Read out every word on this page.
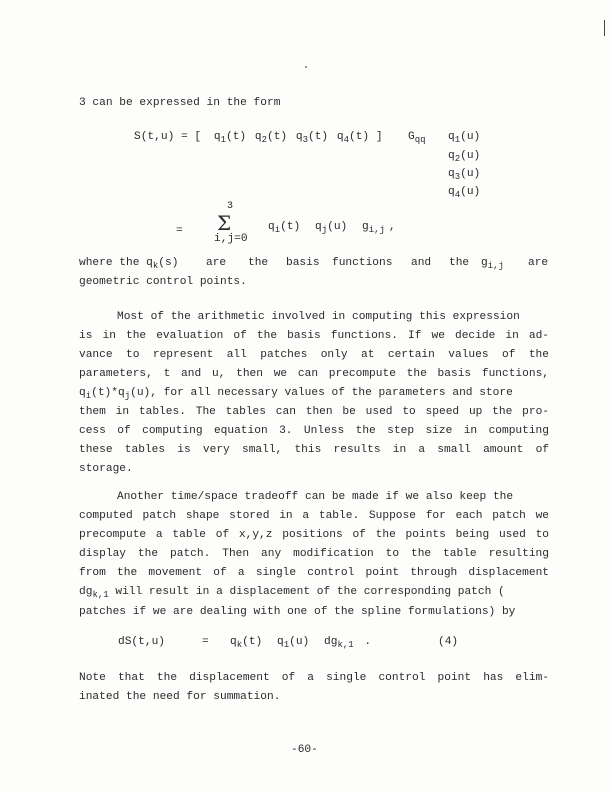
3 can be expressed in the form
S(t,u) = [ $q_1(t)$ $q_2(t)$ $q_3(t)$ $q_4(t)$ ] $G_{qq}$ $q_1(u)$
$q_2(u)$
$q_3(u)$
$q_4(u)$
=
3
Σ
i,j=0
$q_i(t)$ $q_j(u)$ $g_{i,j}$ ,
where the $q_k(s)$ are the basis functions and the $g_{i,j}$ are
geometric control points.
Most of the arithmetic involved in computing this expression
is in the evaluation of the basis functions. If we decide in ad-
vance to represent all patches only at certain values of the
parameters, t and u, then we can precompute the basis functions,
$q_i(t)*q_j(u)$, for all necessary values of the parameters and store
them in tables. The tables can then be used to speed up the pro-
cess of computing equation 3. Unless the step size in computing
these tables is very small, this results in a small amount of
storage.
Another time/space tradeoff can be made if we also keep the
computed patch shape stored in a table. Suppose for each patch we
precompute a table of x,y,z positions of the points being used to
display the patch. Then any modification to the table resulting
from the movement of a single control point through displacement
$dg_{k,1}$ will result in a displacement of the corresponding patch (
patches if we are dealing with one of the spline formulations) by
dS(t,u)	= $q_k(t)$ $q_1(u)$ $dg_{k,1}$ .	(4)
Note that the displacement of a single control point has elim-
inated the need for summation.
-60-
